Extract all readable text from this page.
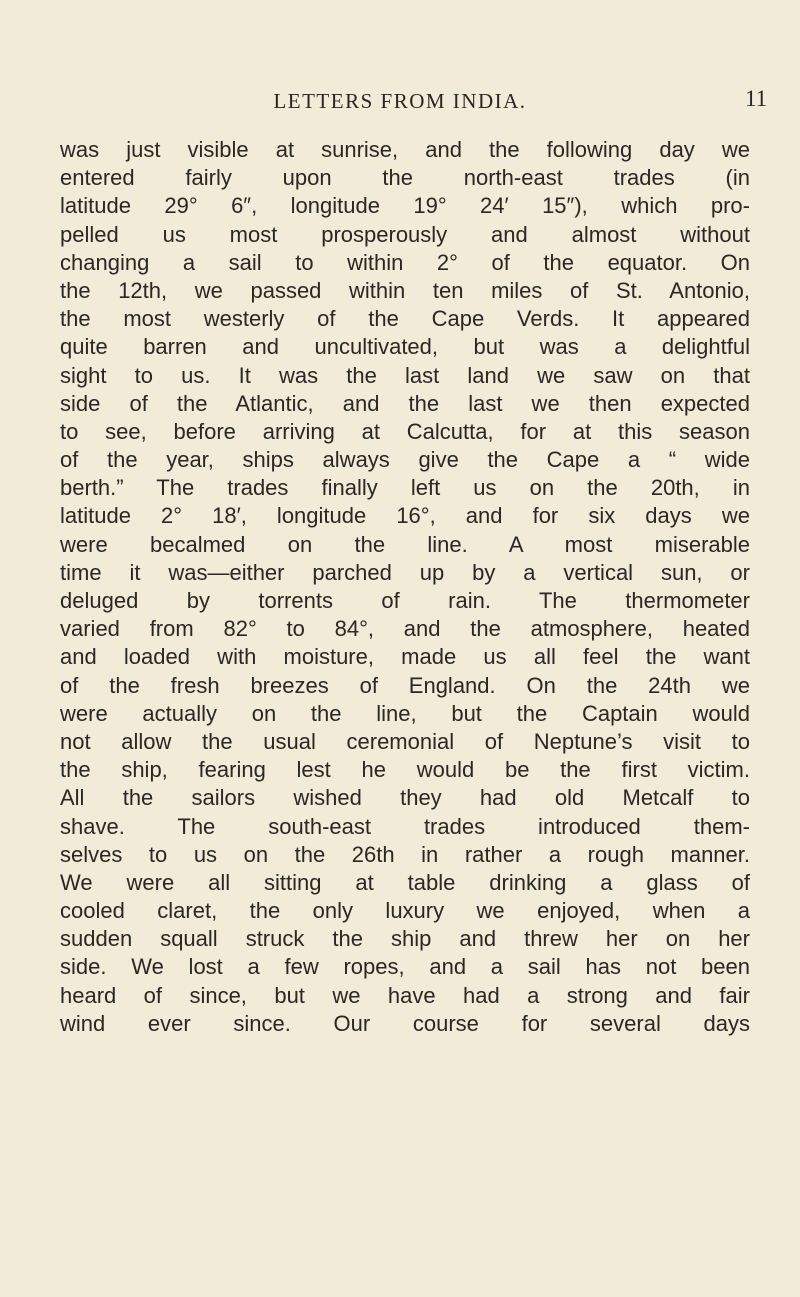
LETTERS FROM INDIA.	11
was just visible at sunrise, and the following day we
entered fairly upon the north-east trades (in
latitude 29° 6″, longitude 19° 24′ 15″), which pro-
pelled us most prosperously and almost without
changing a sail to within 2° of the equator. On
the 12th, we passed within ten miles of St. Antonio,
the most westerly of the Cape Verds. It appeared
quite barren and uncultivated, but was a delightful
sight to us. It was the last land we saw on that
side of the Atlantic, and the last we then expected
to see, before arriving at Calcutta, for at this season
of the year, ships always give the Cape a “ wide
berth.” The trades finally left us on the 20th, in
latitude 2° 18′, longitude 16°, and for six days we
were becalmed on the line. A most miserable
time it was—either parched up by a vertical sun, or
deluged by torrents of rain. The thermometer
varied from 82° to 84°, and the atmosphere, heated
and loaded with moisture, made us all feel the want
of the fresh breezes of England. On the 24th we
were actually on the line, but the Captain would
not allow the usual ceremonial of Neptune’s visit to
the ship, fearing lest he would be the first victim.
All the sailors wished they had old Metcalf to
shave. The south-east trades introduced them-
selves to us on the 26th in rather a rough manner.
We were all sitting at table drinking a glass of
cooled claret, the only luxury we enjoyed, when a
sudden squall struck the ship and threw her on her
side. We lost a few ropes, and a sail has not been
heard of since, but we have had a strong and fair
wind ever since. Our course for several days
